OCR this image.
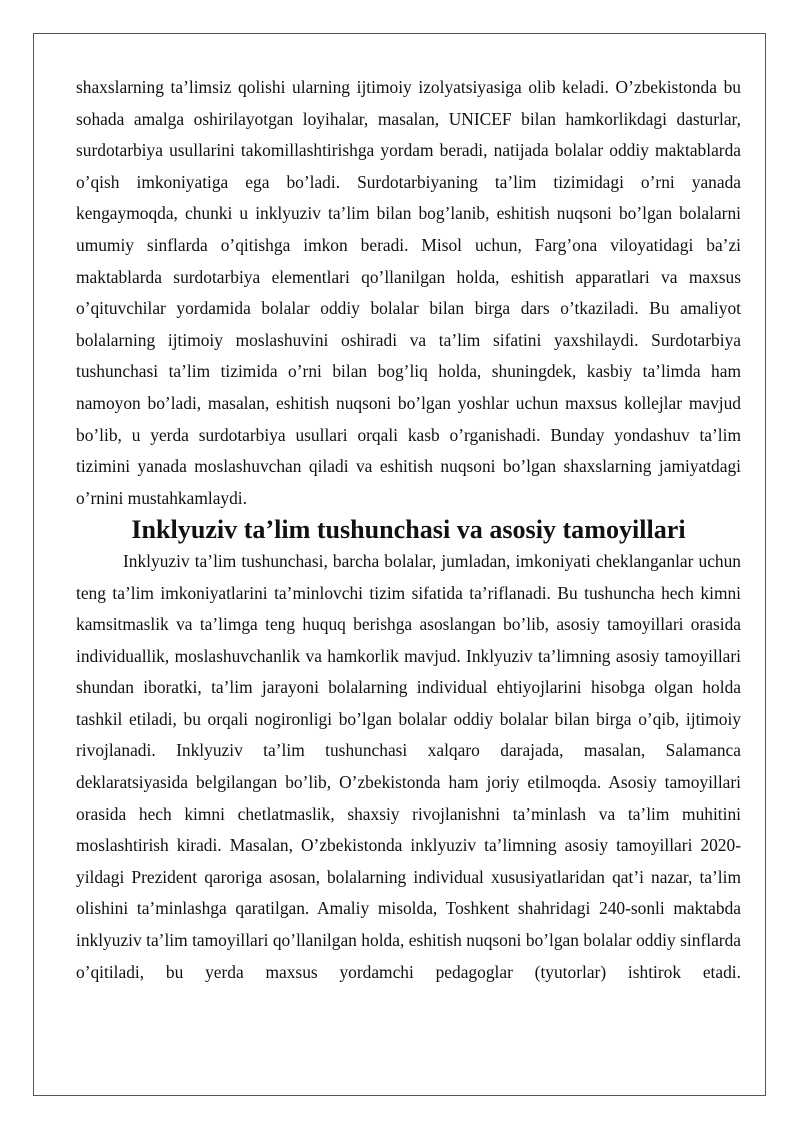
shaxslarning ta’limsiz qolishi ularning ijtimoiy izolyatsiyasiga olib keladi. O’zbekistonda bu sohada amalga oshirilayotgan loyihalar, masalan, UNICEF bilan hamkorlikdagi dasturlar, surdotarbiya usullarini takomillashtirishga yordam beradi, natijada bolalar oddiy maktablarda o’qish imkoniyatiga ega bo’ladi. Surdotarbiyaning ta’lim tizimidagi o’rni yanada kengaymoqda, chunki u inklyuziv ta’lim bilan bog’lanib, eshitish nuqsoni bo’lgan bolalarni umumiy sinflarda o’qitishga imkon beradi. Misol uchun, Farg’ona viloyatidagi ba’zi maktablarda surdotarbiya elementlari qo’llanilgan holda, eshitish apparatlari va maxsus o’qituvchilar yordamida bolalar oddiy bolalar bilan birga dars o’tkaziladi. Bu amaliyot bolalarning ijtimoiy moslashuvini oshiradi va ta’lim sifatini yaxshilaydi. Surdotarbiya tushunchasi ta’lim tizimida o’rni bilan bog’liq holda, shuningdek, kasbiy ta’limda ham namoyon bo’ladi, masalan, eshitish nuqsoni bo’lgan yoshlar uchun maxsus kollejlar mavjud bo’lib, u yerda surdotarbiya usullari orqali kasb o’rganishadi. Bunday yondashuv ta’lim tizimini yanada moslashuvchan qiladi va eshitish nuqsoni bo’lgan shaxslarning jamiyatdagi o’rnini mustahkamlaydi.

Inklyuziv ta’lim tushunchasi va asosiy tamoyillari

Inklyuziv ta’lim tushunchasi, barcha bolalar, jumladan, imkoniyati cheklanganlar uchun teng ta’lim imkoniyatlarini ta’minlovchi tizim sifatida ta’riflanadi. Bu tushuncha hech kimni kamsitmaslik va ta’limga teng huquq berishga asoslangan bo’lib, asosiy tamoyillari orasida individuallik, moslashuvchanlik va hamkorlik mavjud. Inklyuziv ta’limning asosiy tamoyillari shundan iboratki, ta’lim jarayoni bolalarning individual ehtiyojlarini hisobga olgan holda tashkil etiladi, bu orqali nogironligi bo’lgan bolalar oddiy bolalar bilan birga o’qib, ijtimoiy rivojlanadi. Inklyuziv ta’lim tushunchasi xalqaro darajada, masalan, Salamanca deklaratsiyasida belgilangan bo’lib, O’zbekistonda ham joriy etilmoqda. Asosiy tamoyillari orasida hech kimni chetlatmaslik, shaxsiy rivojlanishni ta’minlash va ta’lim muhitini moslashtirish kiradi. Masalan, O’zbekistonda inklyuziv ta’limning asosiy tamoyillari 2020-yildagi Prezident qaroriga asosan, bolalarning individual xususiyatlaridan qat’i nazar, ta’lim olishini ta’minlashga qaratilgan. Amaliy misolda, Toshkent shahridagi 240-sonli maktabda inklyuziv ta’lim tamoyillari qo’llanilgan holda, eshitish nuqsoni bo’lgan bolalar oddiy sinflarda o’qitiladi, bu yerda maxsus yordamchi pedagoglar (tyutorlar) ishtirok etadi.
